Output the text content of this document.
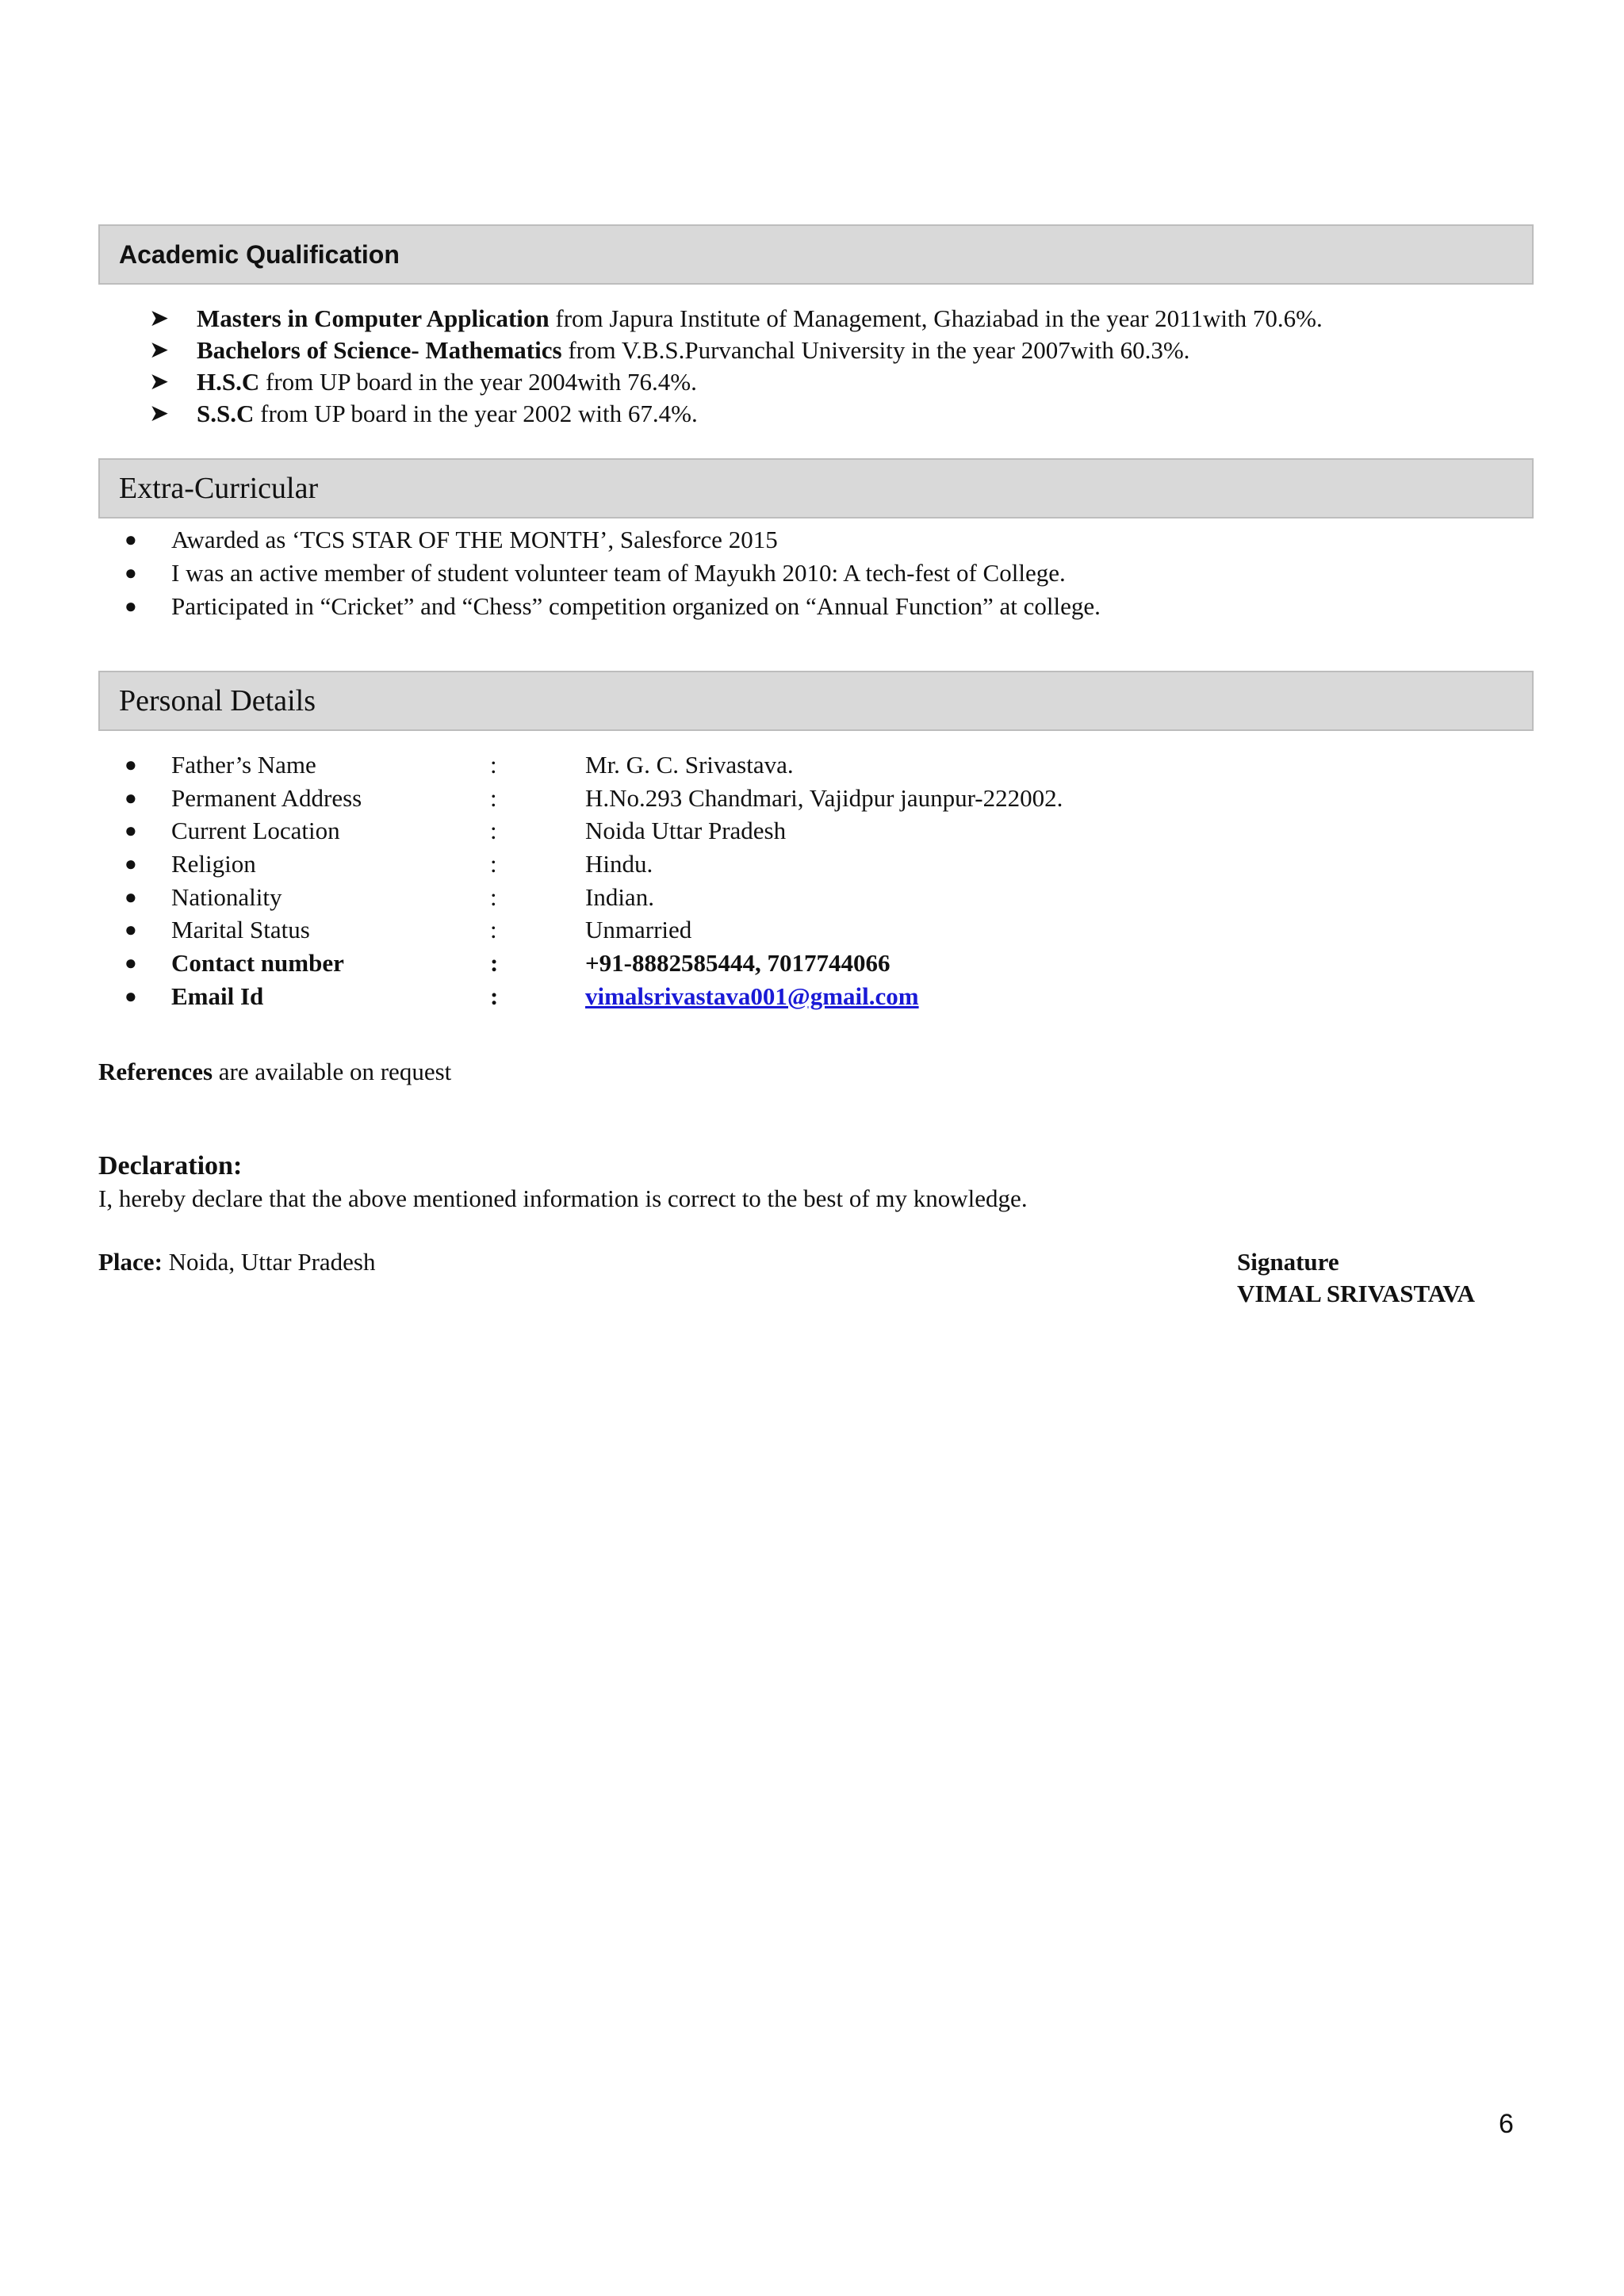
Academic Qualification
➤ Masters in Computer Application from Japura Institute of Management, Ghaziabad in the year 2011with 70.6%.
➤ Bachelors of Science- Mathematics from V.B.S.Purvanchal University in the year 2007with 60.3%.
➤ H.S.C from UP board in the year 2004with 76.4%.
➤ S.S.C from UP board in the year 2002 with 67.4%.
Extra-Curricular
● Awarded as ‘TCS STAR OF THE MONTH’, Salesforce 2015
● I was an active member of student volunteer team of Mayukh 2010: A tech-fest of College.
● Participated in “Cricket” and “Chess” competition organized on “Annual Function” at college.
Personal Details
● Father’s Name	:	Mr. G. C. Srivastava.
● Permanent Address	:	H.No.293 Chandmari, Vajidpur jaunpur-222002.
● Current Location	:	Noida Uttar Pradesh
● Religion	:	Hindu.
● Nationality	:	Indian.
● Marital Status	:	Unmarried
● Contact number	:	+91-8882585444, 7017744066
● Email Id	:	vimalsrivastava001@gmail.com
References are available on request
Declaration:
I, hereby declare that the above mentioned information is correct to the best of my knowledge.
Place: Noida, Uttar Pradesh	Signature
VIMAL SRIVASTAVA
6
